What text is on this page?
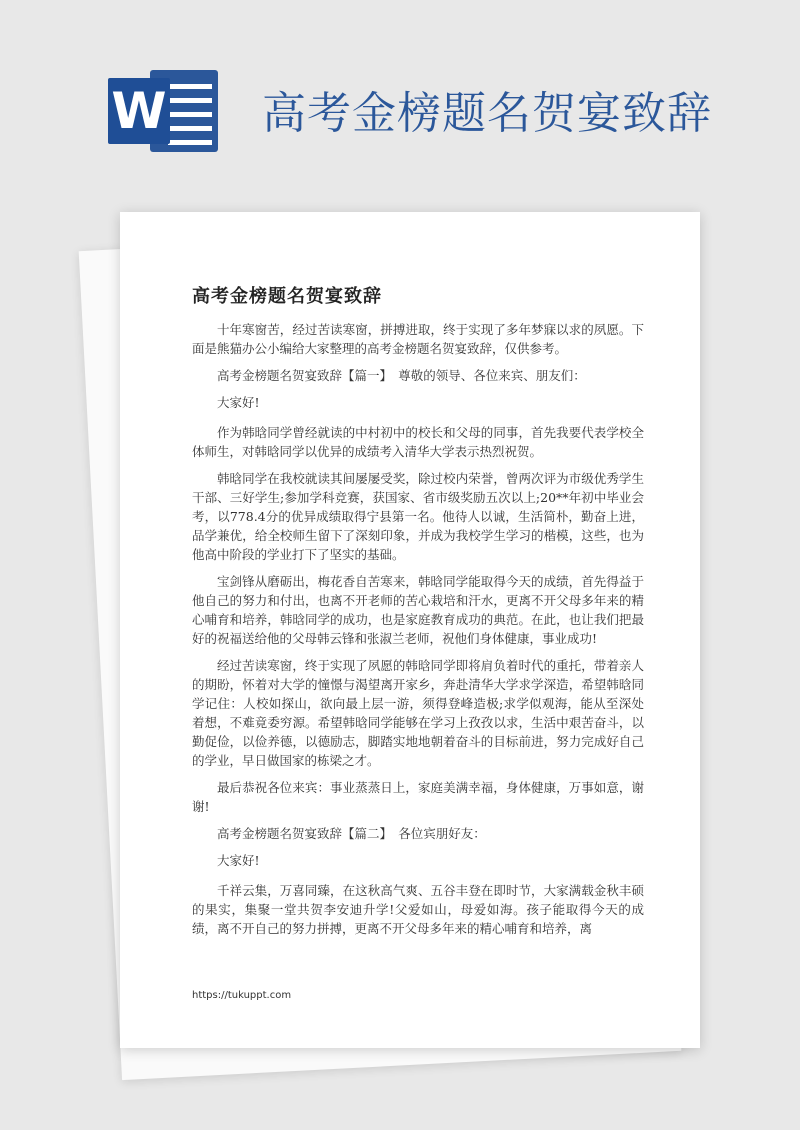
W 高考金榜题名贺宴致辞
高考金榜题名贺宴致辞

十年寒窗苦，经过苦读寒窗，拼搏进取，终于实现了多年梦寐以求的夙愿。下面是熊猫办公小编给大家整理的高考金榜题名贺宴致辞，仅供参考。

高考金榜题名贺宴致辞【篇一】　尊敬的领导、各位来宾、朋友们：

大家好!

作为韩晗同学曾经就读的中村初中的校长和父母的同事，首先我要代表学校全体师生，对韩晗同学以优异的成绩考入清华大学表示热烈祝贺。

韩晗同学在我校就读其间屡屡受奖，除过校内荣誉，曾两次评为市级优秀学生干部、三好学生;参加学科竞赛，获国家、省市级奖励五次以上;20**年初中毕业会考，以778.4分的优异成绩取得宁县第一名。他待人以诚，生活简朴，勤奋上进，品学兼优，给全校师生留下了深刻印象，并成为我校学生学习的楷模，这些，也为他高中阶段的学业打下了坚实的基础。

宝剑锋从磨砺出，梅花香自苦寒来，韩晗同学能取得今天的成绩，首先得益于他自己的努力和付出，也离不开老师的苦心栽培和汗水，更离不开父母多年来的精心哺育和培养，韩晗同学的成功，也是家庭教育成功的典范。在此，也让我们把最好的祝福送给他的父母韩云锋和张淑兰老师，祝他们身体健康，事业成功!

经过苦读寒窗，终于实现了夙愿的韩晗同学即将肩负着时代的重托，带着亲人的期盼，怀着对大学的憧憬与渴望离开家乡，奔赴清华大学求学深造，希望韩晗同学记住：人校如探山，欲向最上层一游，须得登峰造极;求学似观海，能从至深处着想，不难竟委穷源。希望韩晗同学能够在学习上孜孜以求，生活中艰苦奋斗，以勤促俭，以俭养德，以德励志，脚踏实地地朝着奋斗的目标前进，努力完成好自己的学业，早日做国家的栋梁之才。

最后恭祝各位来宾：事业蒸蒸日上，家庭美满幸福，身体健康，万事如意，谢谢!

高考金榜题名贺宴致辞【篇二】　各位宾朋好友：

大家好!

千祥云集，万喜同臻，在这秋高气爽、五谷丰登在即时节，大家满载金秋丰硕的果实，集聚一堂共贺李安迪升学!父爱如山，母爱如海。孩子能取得今天的成绩，离不开自己的努力拼搏，更离不开父母多年来的精心哺育和培养，离

https://tukuppt.com
